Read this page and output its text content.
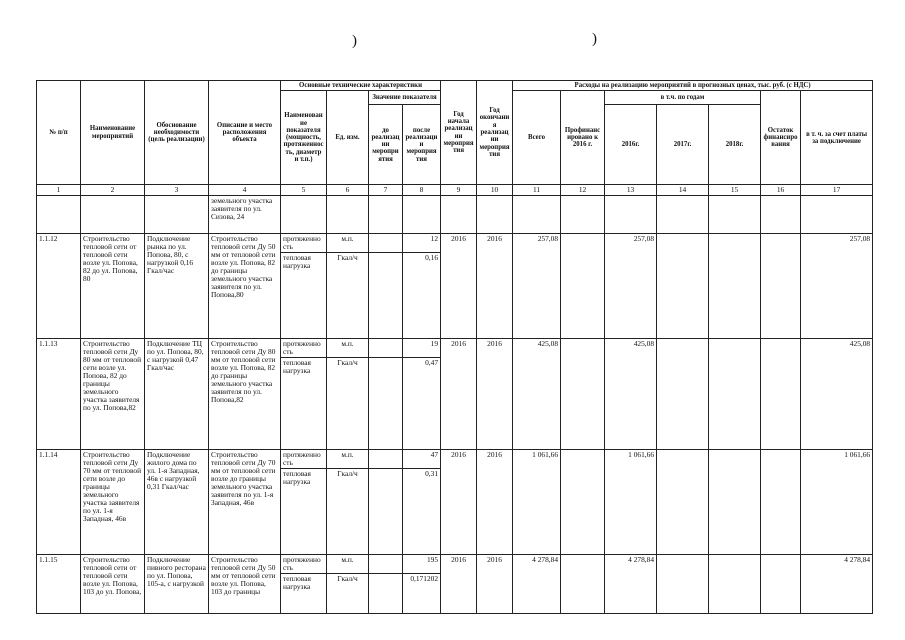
)	)
№ п/п	Наименование мероприятий	Обоснование необходимости (цель реализации)	Описание и место расположения объекта	Основные технические характеристики				Год начала реализации мероприятия	Год окончания реализации мероприятия	Расходы на реализацию мероприятий в прогнозных ценах, тыс. руб. (с НДС)						
				Наименование показателя (мощность, протяженность, диаметр и т.п.)	Ед. изм.	Значение показателя				Всего	Профинансировано к 2016 г.	в т.ч. по годам			Остаток финансирования	в т. ч. за счет платы за подключение
						до реализации мероприятия	после реализации мероприятия					2016г.	2017г.	2018г.		
1	2	3	4	5	6	7	8	9	10	11	12	13	14	15	16	17
			земельного участка заявителя по ул. Сизова, 24													
1.1.12	Строительство тепловой сети от тепловой сети возле ул. Попова, 82 до ул. Попова, 80	Подключение рынка по ул. Попова, 80, с нагрузкой 0,16 Гкал/час	Строительство тепловой сети Ду 50 мм от тепловой сети возле ул. Попова, 82 до границы земельного участка заявителя по ул. Попова,80	протяженность	м.п.		12	2016	2016	257,08		257,08				257,08
				тепловая нагрузка	Гкал/ч		0,16									
1.1.13	Строительство тепловой сети Ду 80 мм от тепловой сети возле ул. Попова, 82 до границы земельного участка заявителя по ул. Попова,82	Подключение ТЦ по ул. Попова, 80, с нагрузкой 0,47 Гкал/час	Строительство тепловой сети Ду 80 мм от тепловой сети возле ул. Попова, 82 до границы земельного участка заявителя по ул. Попова,82	протяженность	м.п.		19	2016	2016	425,08		425,08				425,08
				тепловая нагрузка	Гкал/ч		0,47									
1.1.14	Строительство тепловой сети Ду 70 мм от тепловой сети возле до границы земельного участка заявителя по ул. 1-я Западная, 46в	Подключение жилого дома по ул. 1-я Западная, 46в с нагрузкой 0,31 Гкал/час	Строительство тепловой сети Ду 70 мм от тепловой сети возле до границы земельного участка заявителя по ул. 1-я Западная, 46в	протяженность	м.п.		47	2016	2016	1 061,66		1 061,66				1 061,66
				тепловая нагрузка	Гкал/ч		0,31									
1.1.15	Строительство тепловой сети от тепловой сети возле ул. Попова, 103 до ул. Попова,	Подключение пивного ресторана по ул. Попова, 105-а, с нагрузкой	Строительство тепловой сети Ду 50 мм от тепловой сети возле ул. Попова, 103 до границы	протяженность	м.п.		195	2016	2016	4 278,84		4 278,84				4 278,84
				тепловая нагрузка	Гкал/ч		0,171202									
